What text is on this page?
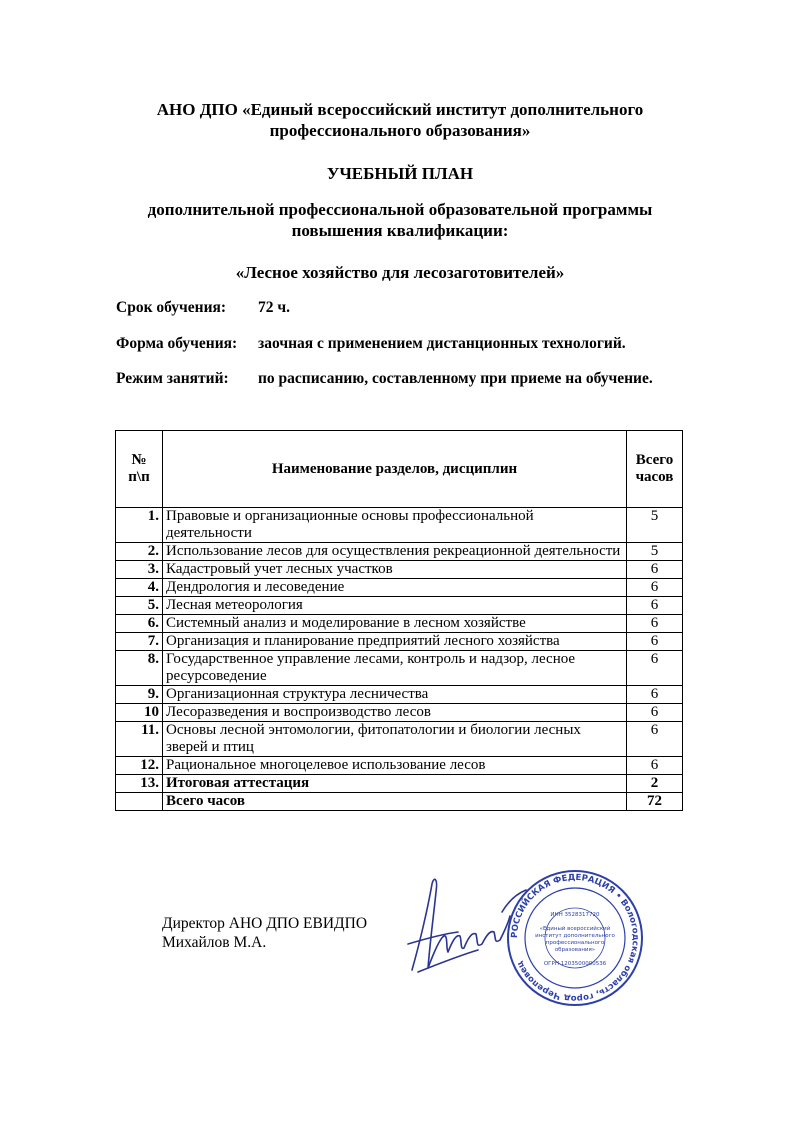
АНО ДПО «Единый всероссийский институт дополнительного
профессионального образования»
УЧЕБНЫЙ ПЛАН
дополнительной профессиональной образовательной программы
повышения квалификации:
«Лесное хозяйство для лесозаготовителей»
Срок обучения: 72 ч.
Форма обучения: заочная с применением дистанционных технологий.
Режим занятий: по расписанию, составленному при приеме на обучение.
№ п\п	Наименование разделов, дисциплин	Всего часов
1.	Правовые и организационные основы профессиональной деятельности	5
2.	Использование лесов для осуществления рекреационной деятельности	5
3.	Кадастровый учет лесных участков	6
4.	Дендрология и лесоведение	6
5.	Лесная метеорология	6
6.	Системный анализ и моделирование в лесном хозяйстве	6
7.	Организация и планирование предприятий лесного хозяйства	6
8.	Государственное управление лесами, контроль и надзор, лесное ресурсоведение	6
9.	Организационная структура лесничества	6
10	Лесоразведения и воспроизводство лесов	6
11.	Основы лесной энтомологии, фитопатологии и биологии лесных зверей и птиц	6
12.	Рациональное многоцелевое использование лесов	6
13.	Итоговая аттестация	2
	Всего часов	72
Директор АНО ДПО ЕВИДПО
Михайлов М.А.	РОССИЙСКАЯ ФЕДЕРАЦИЯ • Вологодская область, город Череповец
ИНН 3528317720
«Единый всероссийский
институт дополнительного
профессионального
образования»
ОГРН 1203500000536
